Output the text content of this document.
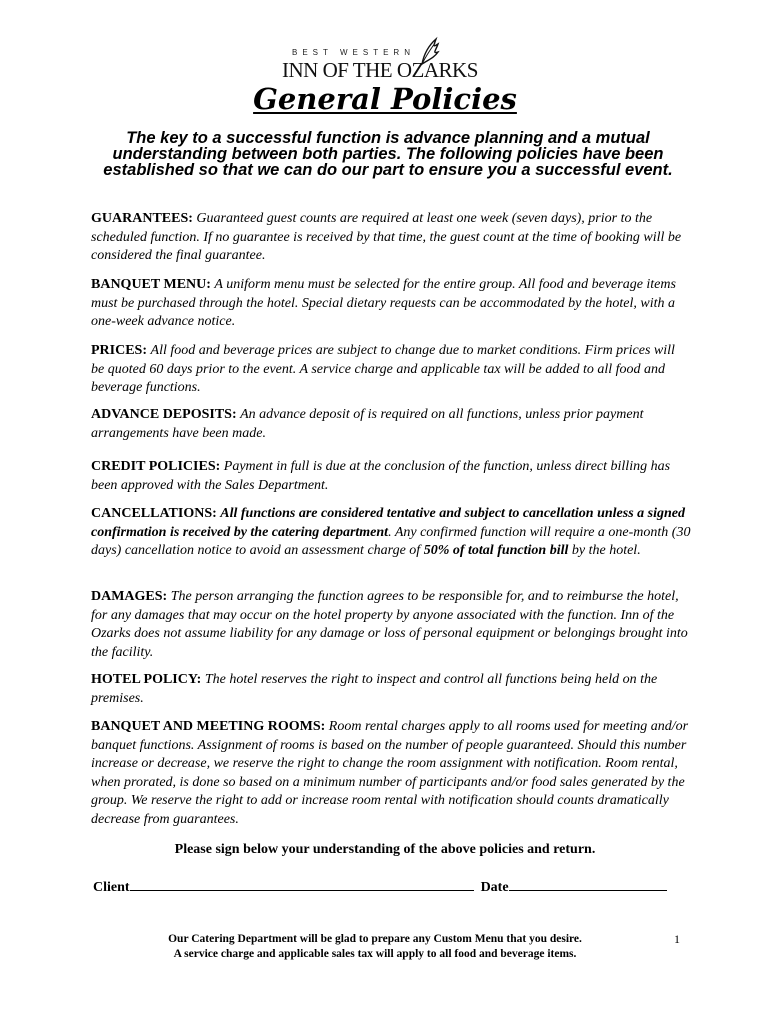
BEST WESTERN
INN OF THE OZARKS
General Policies

The key to a successful function is advance planning and a mutual understanding between both parties. The following policies have been established so that we can do our part to ensure you a successful event.

GUARANTEES: Guaranteed guest counts are required at least one week (seven days), prior to the scheduled function. If no guarantee is received by that time, the guest count at the time of booking will be considered the final guarantee.

BANQUET MENU: A uniform menu must be selected for the entire group. All food and beverage items must be purchased through the hotel. Special dietary requests can be accommodated by the hotel, with a one-week advance notice.

PRICES: All food and beverage prices are subject to change due to market conditions. Firm prices will be quoted 60 days prior to the event. A service charge and applicable tax will be added to all food and beverage functions.

ADVANCE DEPOSITS: An advance deposit of is required on all functions, unless prior payment arrangements have been made.

CREDIT POLICIES: Payment in full is due at the conclusion of the function, unless direct billing has been approved with the Sales Department.

CANCELLATIONS: All functions are considered tentative and subject to cancellation unless a signed confirmation is received by the catering department. Any confirmed function will require a one-month (30 days) cancellation notice to avoid an assessment charge of 50% of total function bill by the hotel.

DAMAGES: The person arranging the function agrees to be responsible for, and to reimburse the hotel, for any damages that may occur on the hotel property by anyone associated with the function. Inn of the Ozarks does not assume liability for any damage or loss of personal equipment or belongings brought into the facility.

HOTEL POLICY: The hotel reserves the right to inspect and control all functions being held on the premises.

BANQUET AND MEETING ROOMS: Room rental charges apply to all rooms used for meeting and/or banquet functions. Assignment of rooms is based on the number of people guaranteed. Should this number increase or decrease, we reserve the right to change the room assignment with notification. Room rental, when prorated, is done so based on a minimum number of participants and/or food sales generated by the group. We reserve the right to add or increase room rental with notification should counts dramatically decrease from guarantees.

Please sign below your understanding of the above policies and return.
Client	Date
Our Catering Department will be glad to prepare any Custom Menu that you desire.
A service charge and applicable sales tax will apply to all food and beverage items.
1
